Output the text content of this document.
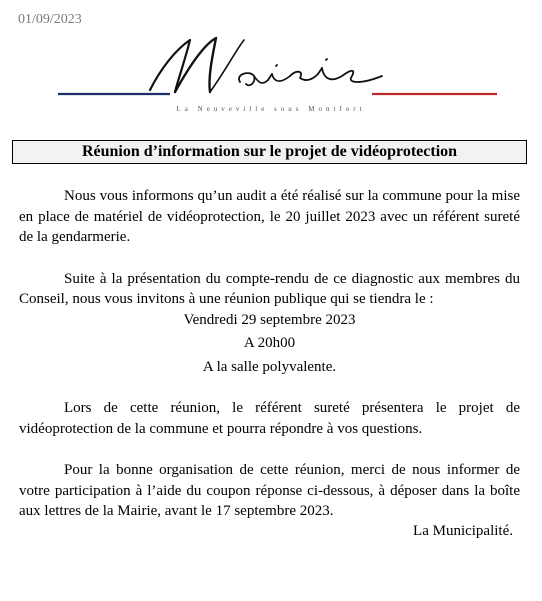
01/09/2023
La Neuveville sous Montfort
Réunion d’information sur le projet de vidéoprotection

Nous vous informons qu’un audit a été réalisé sur la commune pour la mise en place de matériel de vidéoprotection, le 20 juillet 2023 avec un référent sureté de la gendarmerie.

Suite à la présentation du compte-rendu de ce diagnostic aux membres du Conseil, nous vous invitons à une réunion publique qui se tiendra le :

Vendredi 29 septembre 2023

A 20h00

A la salle polyvalente.

Lors de cette réunion, le référent sureté présentera le projet de vidéoprotection de la commune et pourra répondre à vos questions.

Pour la bonne organisation de cette réunion, merci de nous informer de votre participation à l’aide du coupon réponse ci-dessous, à déposer dans la boîte aux lettres de la Mairie, avant le 17 septembre 2023.

La Municipalité.
